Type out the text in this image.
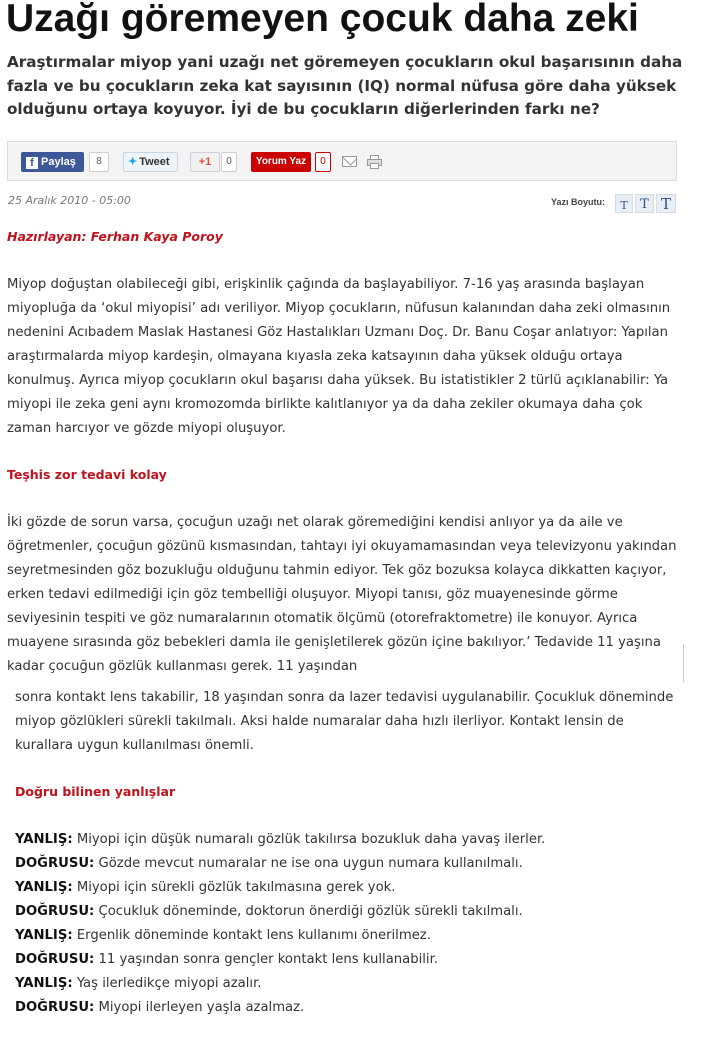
Uzağı göremeyen çocuk daha zeki

Araştırmalar miyop yani uzağı net göremeyen çocukların okul başarısının daha fazla ve bu çocukların zeka kat sayısının (IQ) normal nüfusa göre daha yüksek olduğunu ortaya koyuyor. İyi de bu çocukların diğerlerinden farkı ne?

f Paylaş	8	✦ Tweet	+1	0	Yorum Yaz	0
25 Aralık 2010 - 05:00	Yazı Boyutu:	T T T

Hazırlayan: Ferhan Kaya Poroy

Miyop doğuştan olabileceği gibi, erişkinlik çağında da başlayabiliyor. 7-16 yaş arasında başlayan miyopluğa da ‘okul miyopisi’ adı veriliyor. Miyop çocukların, nüfusun kalanından daha zeki olmasının nedenini Acıbadem Maslak Hastanesi Göz Hastalıkları Uzmanı Doç. Dr. Banu Coşar anlatıyor: Yapılan araştırmalarda miyop kardeşin, olmayana kıyasla zeka katsayının daha yüksek olduğu ortaya konulmuş. Ayrıca miyop çocukların okul başarısı daha yüksek. Bu istatistikler 2 türlü açıklanabilir: Ya miyopi ile zeka geni aynı kromozomda birlikte kalıtlanıyor ya da daha zekiler okumaya daha çok zaman harcıyor ve gözde miyopi oluşuyor.

Teşhis zor tedavi kolay

İki gözde de sorun varsa, çocuğun uzağı net olarak göremediğini kendisi anlıyor ya da aile ve öğretmenler, çocuğun gözünü kısmasından, tahtayı iyi okuyamamasından veya televizyonu yakından seyretmesinden göz bozukluğu olduğunu tahmin ediyor. Tek göz bozuksa kolayca dikkatten kaçıyor, erken tedavi edilmediği için göz tembelliği oluşuyor. Miyopi tanısı, göz muayenesinde görme seviyesinin tespiti ve göz numaralarının otomatik ölçümü (otorefraktometre) ile konuyor. Ayrıca muayene sırasında göz bebekleri damla ile genişletilerek gözün içine bakılıyor.’ Tedavide 11 yaşına kadar çocuğun gözlük kullanması gerek. 11 yaşından

sonra kontakt lens takabilir, 18 yaşından sonra da lazer tedavisi uygulanabilir. Çocukluk döneminde miyop gözlükleri sürekli takılmalı. Aksi halde numaralar daha hızlı ilerliyor. Kontakt lensin de kurallara uygun kullanılması önemli.

Doğru bilinen yanlışlar
YANLIŞ: Miyopi için düşük numaralı gözlük takılırsa bozukluk daha yavaş ilerler.
DOĞRUSU: Gözde mevcut numaralar ne ise ona uygun numara kullanılmalı.
YANLIŞ: Miyopi için sürekli gözlük takılmasına gerek yok.
DOĞRUSU: Çocukluk döneminde, doktorun önerdiği gözlük sürekli takılmalı.
YANLIŞ: Ergenlik döneminde kontakt lens kullanımı önerilmez.
DOĞRUSU: 11 yaşından sonra gençler kontakt lens kullanabilir.
YANLIŞ: Yaş ilerledikçe miyopi azalır.
DOĞRUSU: Miyopi ilerleyen yaşla azalmaz.
